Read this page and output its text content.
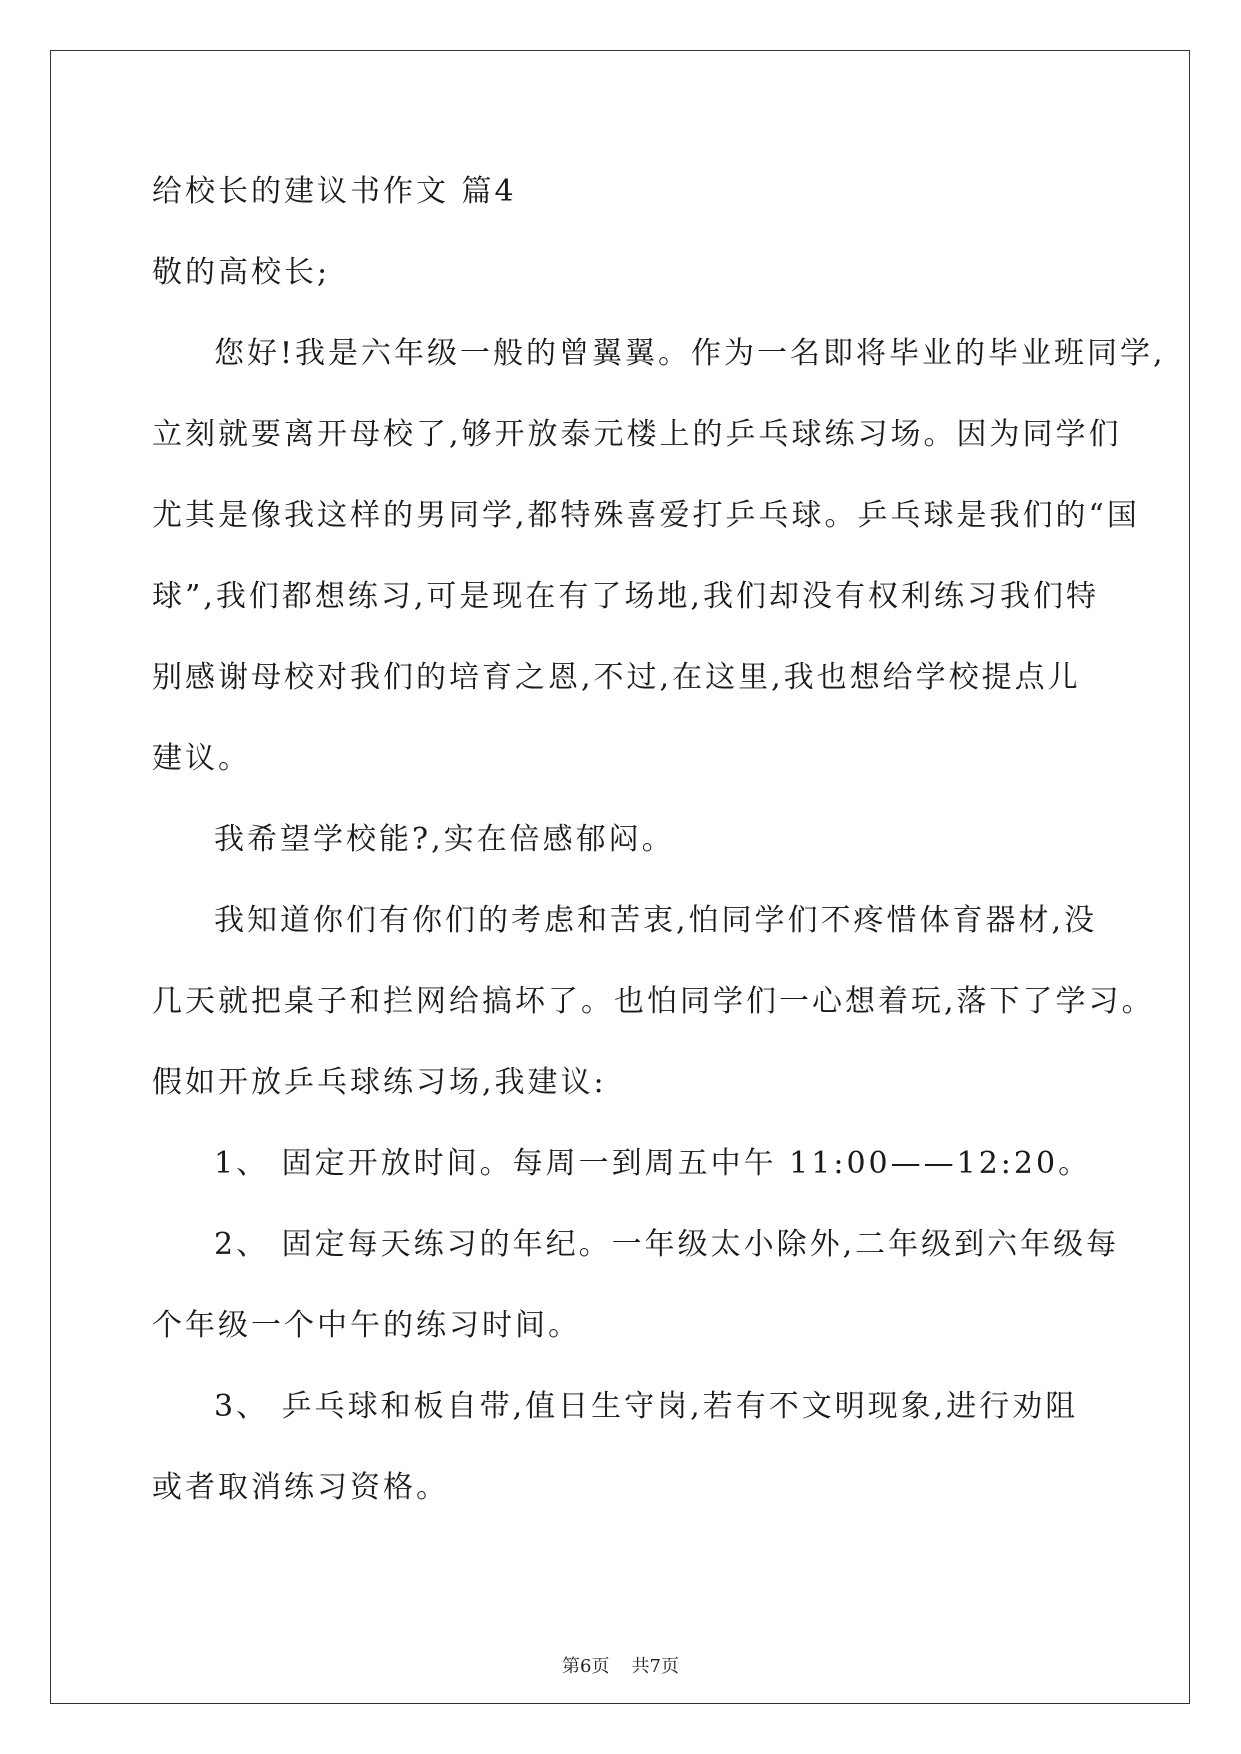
给校长的建议书作文 篇4
敬的高校长;
您好!我是六年级一般的曾翼翼。作为一名即将毕业的毕业班同学,
立刻就要离开母校了,够开放泰元楼上的乒乓球练习场。因为同学们
尤其是像我这样的男同学,都特殊喜爱打乒乓球。乒乓球是我们的“国
球”,我们都想练习,可是现在有了场地,我们却没有权利练习我们特
别感谢母校对我们的培育之恩,不过,在这里,我也想给学校提点儿
建议。
我希望学校能?,实在倍感郁闷。
我知道你们有你们的考虑和苦衷,怕同学们不疼惜体育器材,没
几天就把桌子和拦网给搞坏了。也怕同学们一心想着玩,落下了学习。
假如开放乒乓球练习场,我建议:
1、 固定开放时间。每周一到周五中午 11:00——12:20。
2、 固定每天练习的年纪。一年级太小除外,二年级到六年级每
个年级一个中午的练习时间。
3、 乒乓球和板自带,值日生守岗,若有不文明现象,进行劝阻
或者取消练习资格。
第6页 共7页
